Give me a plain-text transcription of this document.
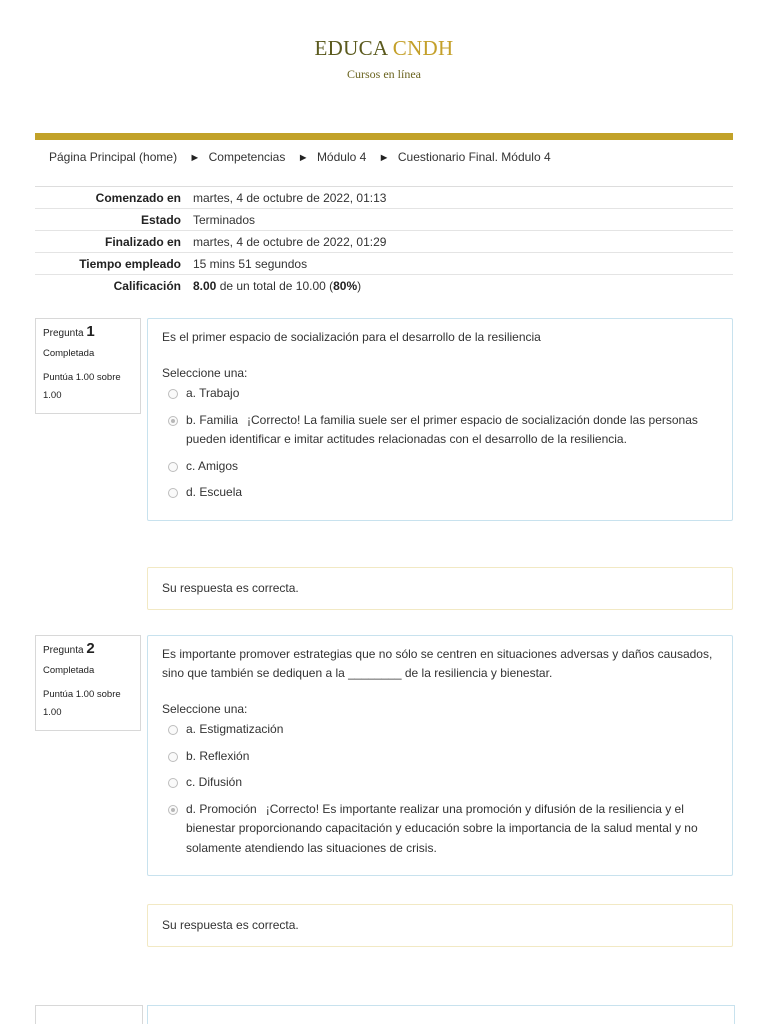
EDUCA CNDH
Cursos en línea
Página Principal (home) ► Competencias ► Módulo 4 ► Cuestionario Final. Módulo 4
Comenzado en	martes, 4 de octubre de 2022, 01:13
Estado	Terminados
Finalizado en	martes, 4 de octubre de 2022, 01:29
Tiempo empleado	15 mins 51 segundos
Calificación	8.00 de un total de 10.00 (80%)
Pregunta 1
Completada
Puntúa 1.00 sobre 1.00
Es el primer espacio de socialización para el desarrollo de la resiliencia
Seleccione una:
a. Trabajo
b. Familia ¡Correcto! La familia suele ser el primer espacio de socialización donde las personas pueden identificar e imitar actitudes relacionadas con el desarrollo de la resiliencia.
c. Amigos
d. Escuela
Su respuesta es correcta.
Pregunta 2
Completada
Puntúa 1.00 sobre 1.00
Es importante promover estrategias que no sólo se centren en situaciones adversas y daños causados, sino que también se dediquen a la ________ de la resiliencia y bienestar.
Seleccione una:
a. Estigmatización
b. Reflexión
c. Difusión
d. Promoción ¡Correcto! Es importante realizar una promoción y difusión de la resiliencia y el bienestar proporcionando capacitación y educación sobre la importancia de la salud mental y no solamente atendiendo las situaciones de crisis.
Su respuesta es correcta.
